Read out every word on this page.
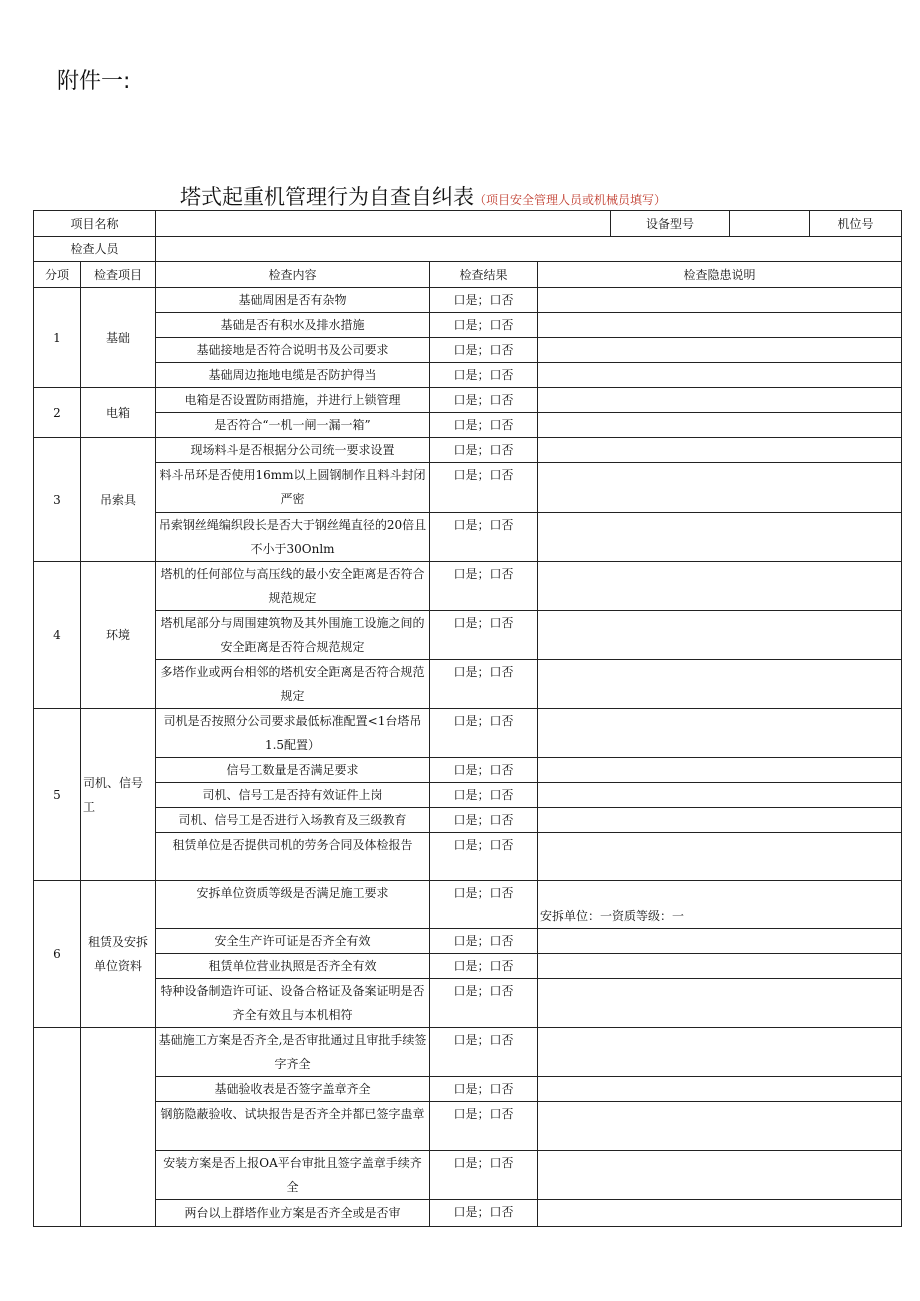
附件一:
塔式起重机管理行为自查自纠表（项目安全管理人员或机械员填写）
项目名称					设备型号		机位号
检查人员							
分项	检查项目	检查内容	检查结果	检查隐患说明			
1	基础	基础周困是否有杂物	口是；口否				
		基础是否有积水及排水措施	口是；口否				
		基础接地是否符合说明书及公司要求	口是；口否				
		基础周边拖地电缆是否防护得当	口是；口否				
2	电箱	电箱是否设置防雨措施，并进行上锁管理	口是；口否				
		是否符合“一机一闸一漏一箱”	口是；口否				
3	吊索具	现场料斗是否根据分公司统一要求设置	口是；口否				
		料斗吊环是否使用16mm以上圆钢制作且料斗封闭严密	口是；口否				
		吊索钢丝绳编织段长是否大于钢丝绳直径的20倍且不小于30Onlm	口是；口否				
4	环境	塔机的任何部位与高压线的最小安全距离是否符合规范规定	口是；口否				
		塔机尾部分与周围建筑物及其外围施工设施之间的安全距离是否符合规范规定	口是；口否				
		多塔作业或两台相邻的塔机安全距离是否符合规范规定	口是；口否				
5	司机、信号工	司机是否按照分公司要求最低标准配置<1台塔吊1.5配置）	口是；口否				
		信号工数量是否满足要求	口是；口否				
		司机、信号工是否持有效证件上岗	口是；口否				
		司机、信号工是否进行入场教育及三级教育	口是；口否				
		租赁单位是否提供司机的劳务合同及体检报告	口是；口否				
6	租赁及安拆单位资料	安拆单位资质等级是否满足施工要求	口是；口否	安拆单位：一资质等级：一			
		安全生产许可证是否齐全有效	口是；口否				
		租赁单位营业执照是否齐全有效	口是；口否				
		特种设备制造许可证、设备合格证及备案证明是否齐全有效且与本机相符	口是；口否				
		基础施工方案是否齐全,是否审批通过且审批手续签字齐全	口是；口否				
		基础验收表是否签字盖章齐全	口是；口否				
		钢筋隐蔽验收、试块报告是否齐全并都已签字蛊章	口是；口否				
		安装方案是否上报OA平台审批且签字盖章手续齐全	口是；口否				
		两台以上群塔作业方案是否齐全或是否审	口是；口否				
